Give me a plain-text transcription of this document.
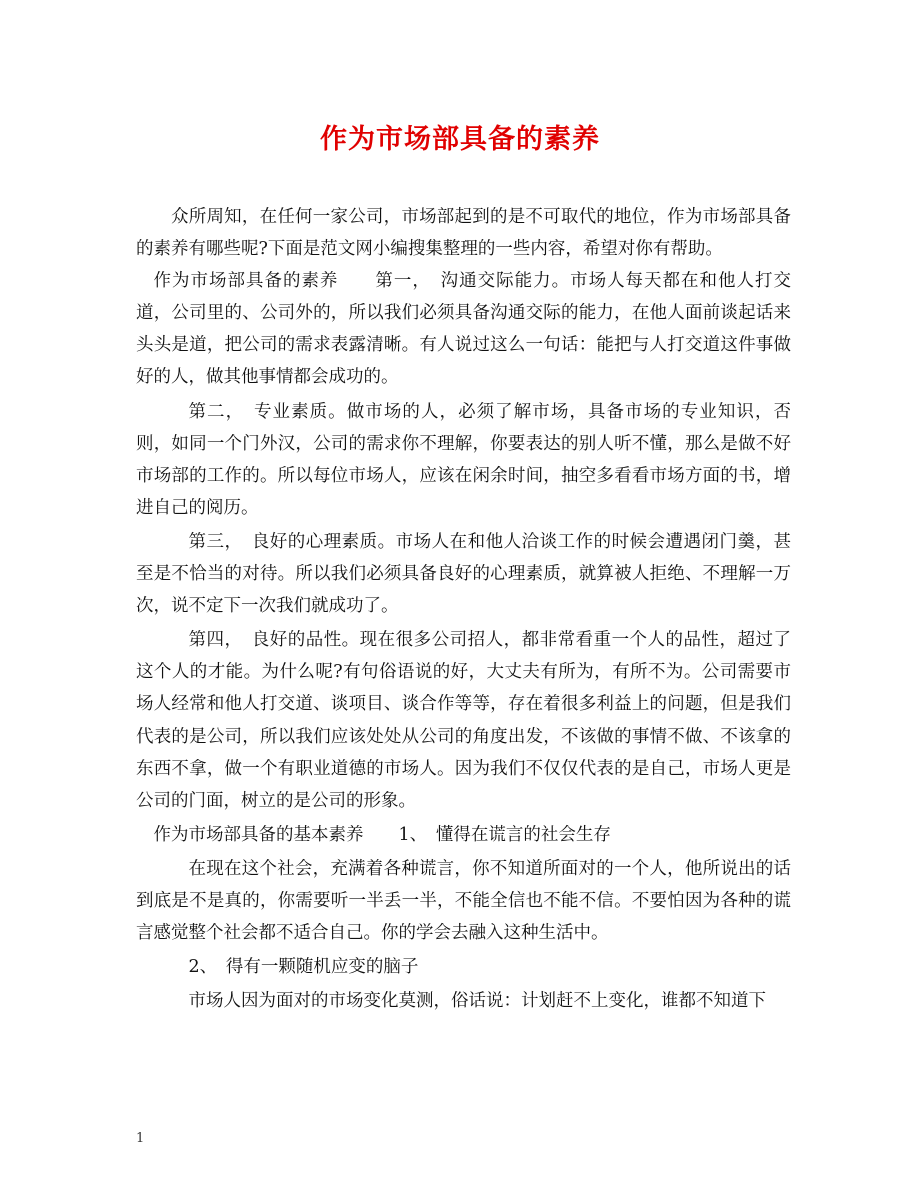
作为市场部具备的素养

众所周知，在任何一家公司，市场部起到的是不可取代的地位，作为市场部具备的素养有哪些呢?下面是范文网小编搜集整理的一些内容，希望对你有帮助。

作为市场部具备的素养　　第一，　沟通交际能力。市场人每天都在和他人打交道，公司里的、公司外的，所以我们必须具备沟通交际的能力，在他人面前谈起话来头头是道，把公司的需求表露清晰。有人说过这么一句话：能把与人打交道这件事做好的人，做其他事情都会成功的。

第二，　专业素质。做市场的人，必须了解市场，具备市场的专业知识，否则，如同一个门外汉，公司的需求你不理解，你要表达的别人听不懂，那么是做不好市场部的工作的。所以每位市场人，应该在闲余时间，抽空多看看市场方面的书，增进自己的阅历。

第三，　良好的心理素质。市场人在和他人洽谈工作的时候会遭遇闭门羹，甚至是不恰当的对待。所以我们必须具备良好的心理素质，就算被人拒绝、不理解一万次，说不定下一次我们就成功了。

第四，　良好的品性。现在很多公司招人，都非常看重一个人的品性，超过了这个人的才能。为什么呢?有句俗语说的好，大丈夫有所为，有所不为。公司需要市场人经常和他人打交道、谈项目、谈合作等等，存在着很多利益上的问题，但是我们代表的是公司，所以我们应该处处从公司的角度出发，不该做的事情不做、不该拿的东西不拿，做一个有职业道德的市场人。因为我们不仅仅代表的是自己，市场人更是公司的门面，树立的是公司的形象。

作为市场部具备的基本素养　　1、　懂得在谎言的社会生存

在现在这个社会，充满着各种谎言，你不知道所面对的一个人，他所说出的话到底是不是真的，你需要听一半丢一半，不能全信也不能不信。不要怕因为各种的谎言感觉整个社会都不适合自己。你的学会去融入这种生活中。

2、　得有一颗随机应变的脑子

市场人因为面对的市场变化莫测，俗话说：计划赶不上变化，谁都不知道下

1
